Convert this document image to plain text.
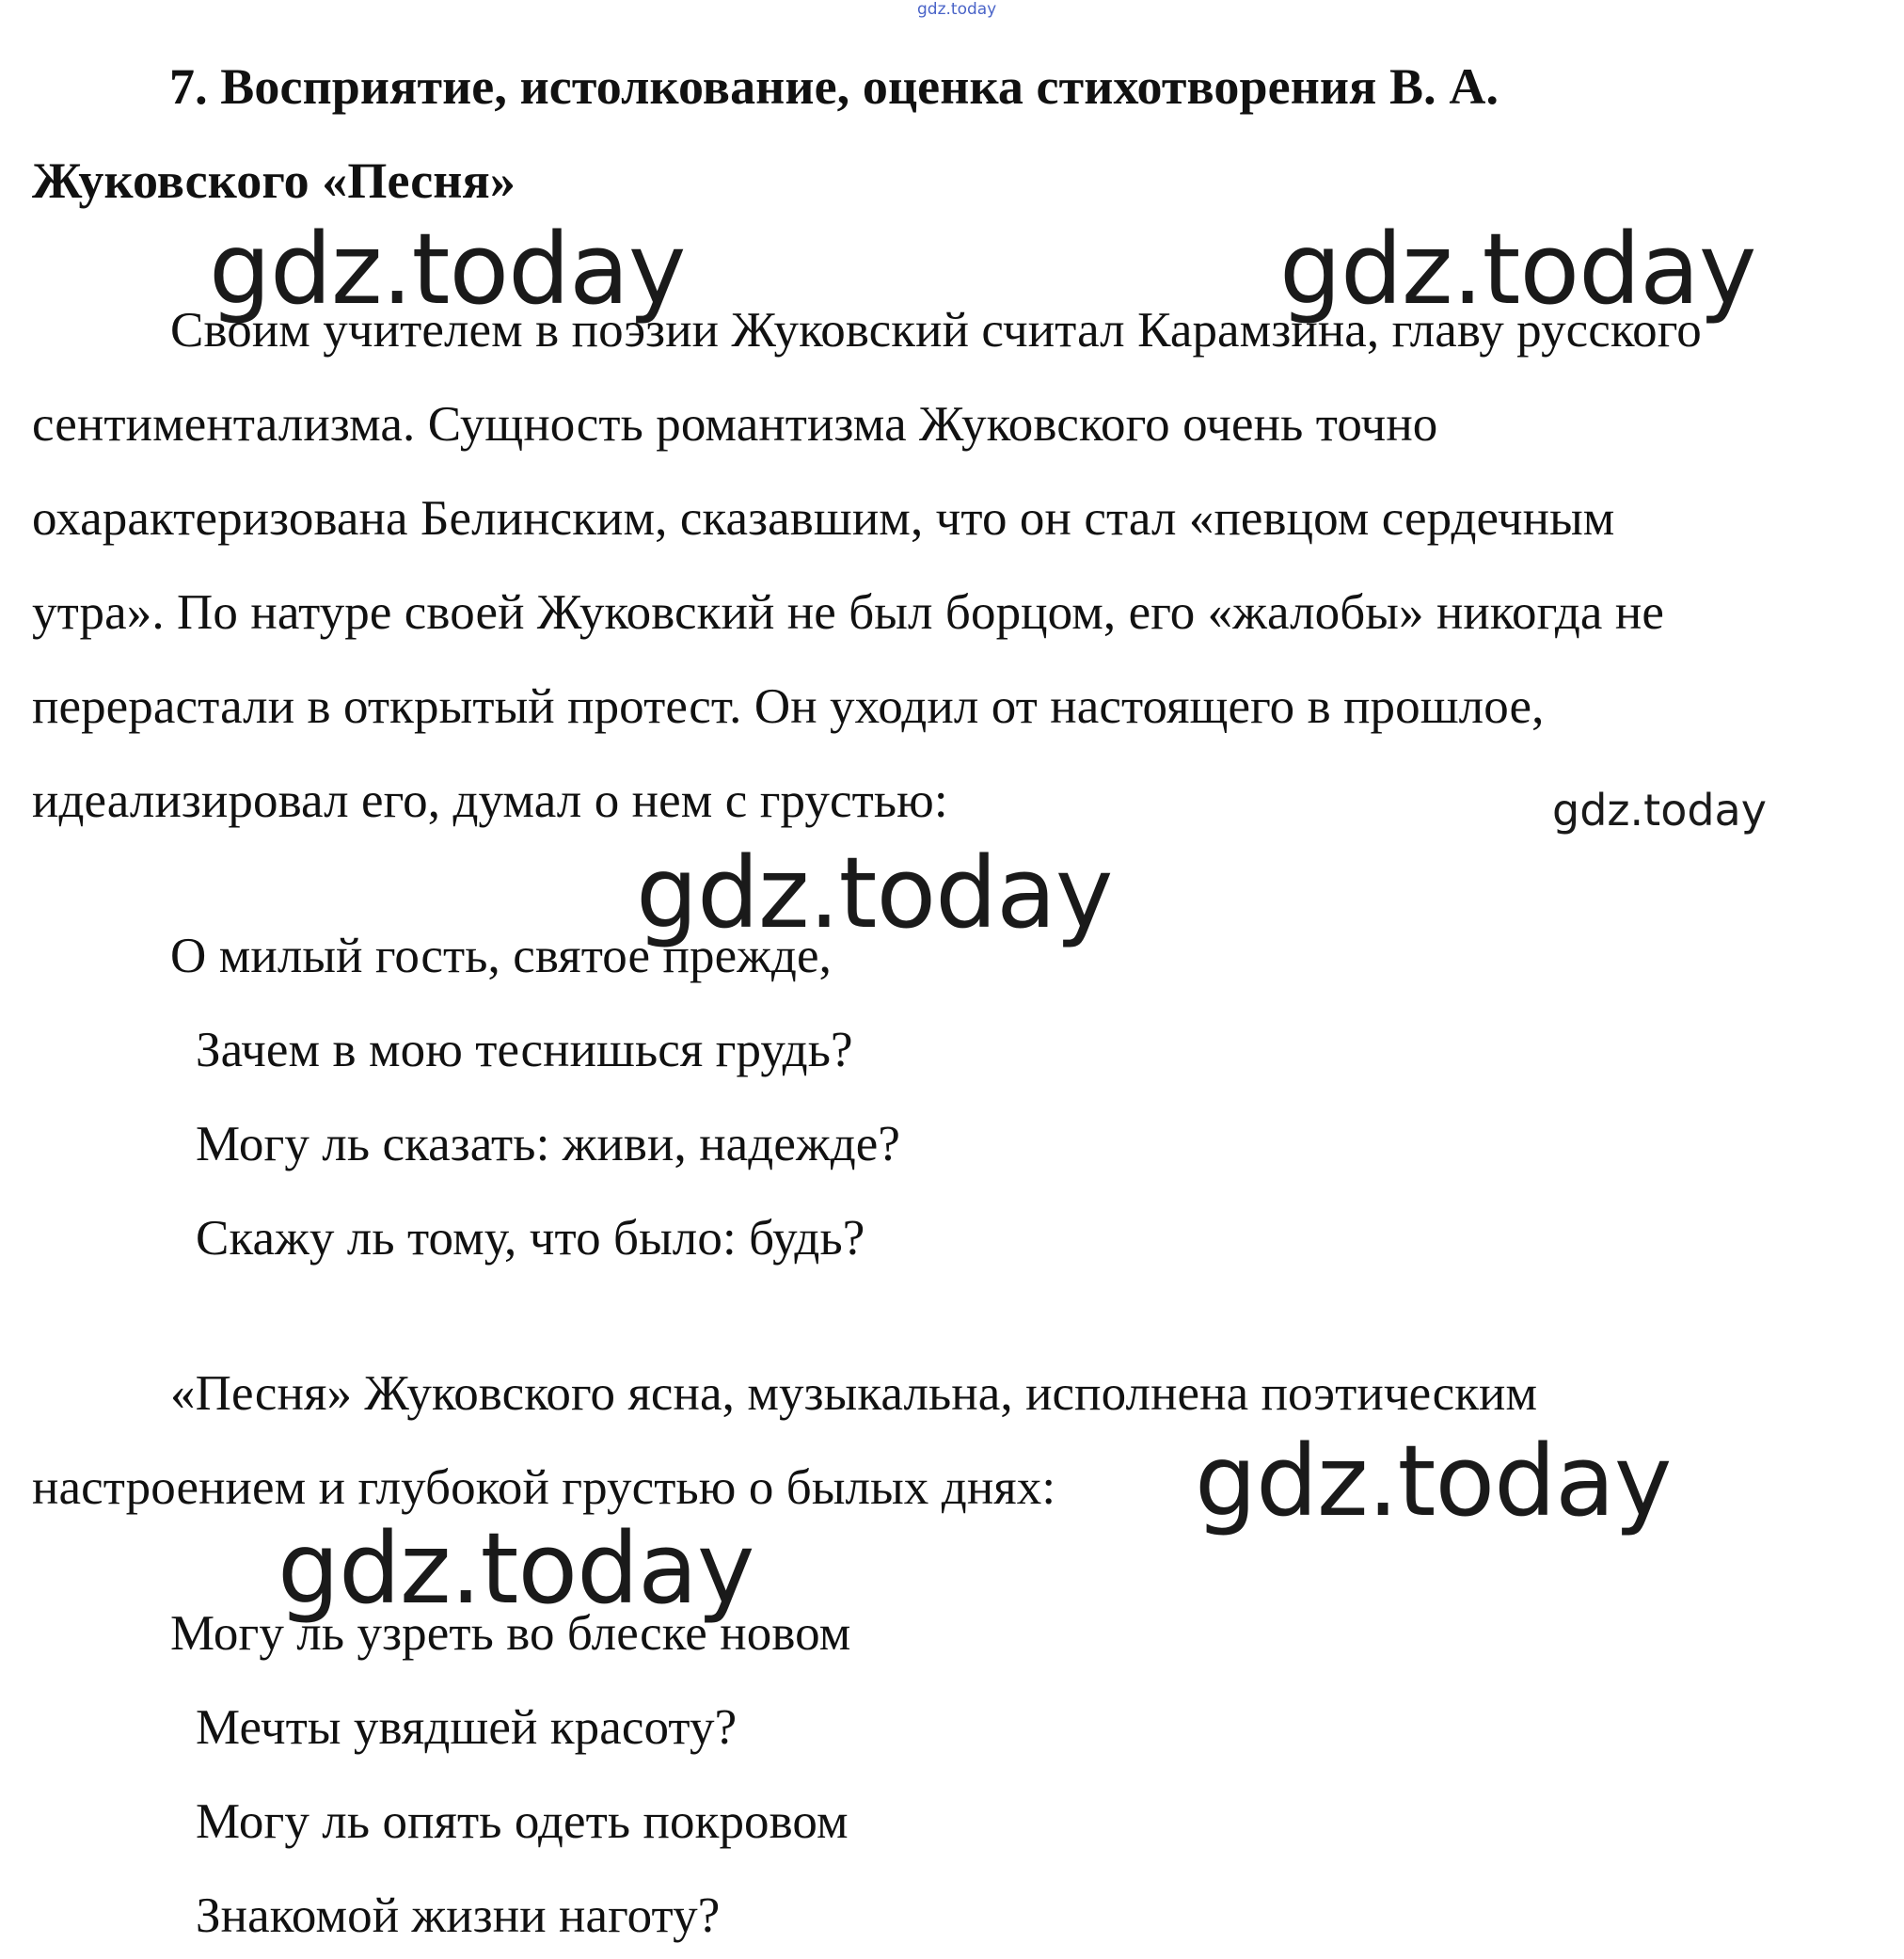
gdz.today
7. Восприятие, истолкование, оценка стихотворения В. А.
Жуковского «Песня»
gdz.today	gdz.today
Своим учителем в поэзии Жуковский считал Карамзина, главу русского
сентиментализма. Сущность романтизма Жуковского очень точно
охарактеризована Белинским, сказавшим, что он стал «певцом сердечным
утра». По натуре своей Жуковский не был борцом, его «жалобы» никогда не
перерастали в открытый протест. Он уходил от настоящего в прошлое,
идеализировал его, думал о нем с грустью:	gdz.today
gdz.today
О милый гость, святое прежде,
Зачем в мою теснишься грудь?
Могу ль сказать: живи, надежде?
Скажу ль тому, что было: будь?
«Песня» Жуковского ясна, музыкальна, исполнена поэтическим
настроением и глубокой грустью о былых днях: gdz.today
gdz.today
Могу ль узреть во блеске новом
Мечты увядшей красоту?
Могу ль опять одеть покровом
Знакомой жизни наготу?
